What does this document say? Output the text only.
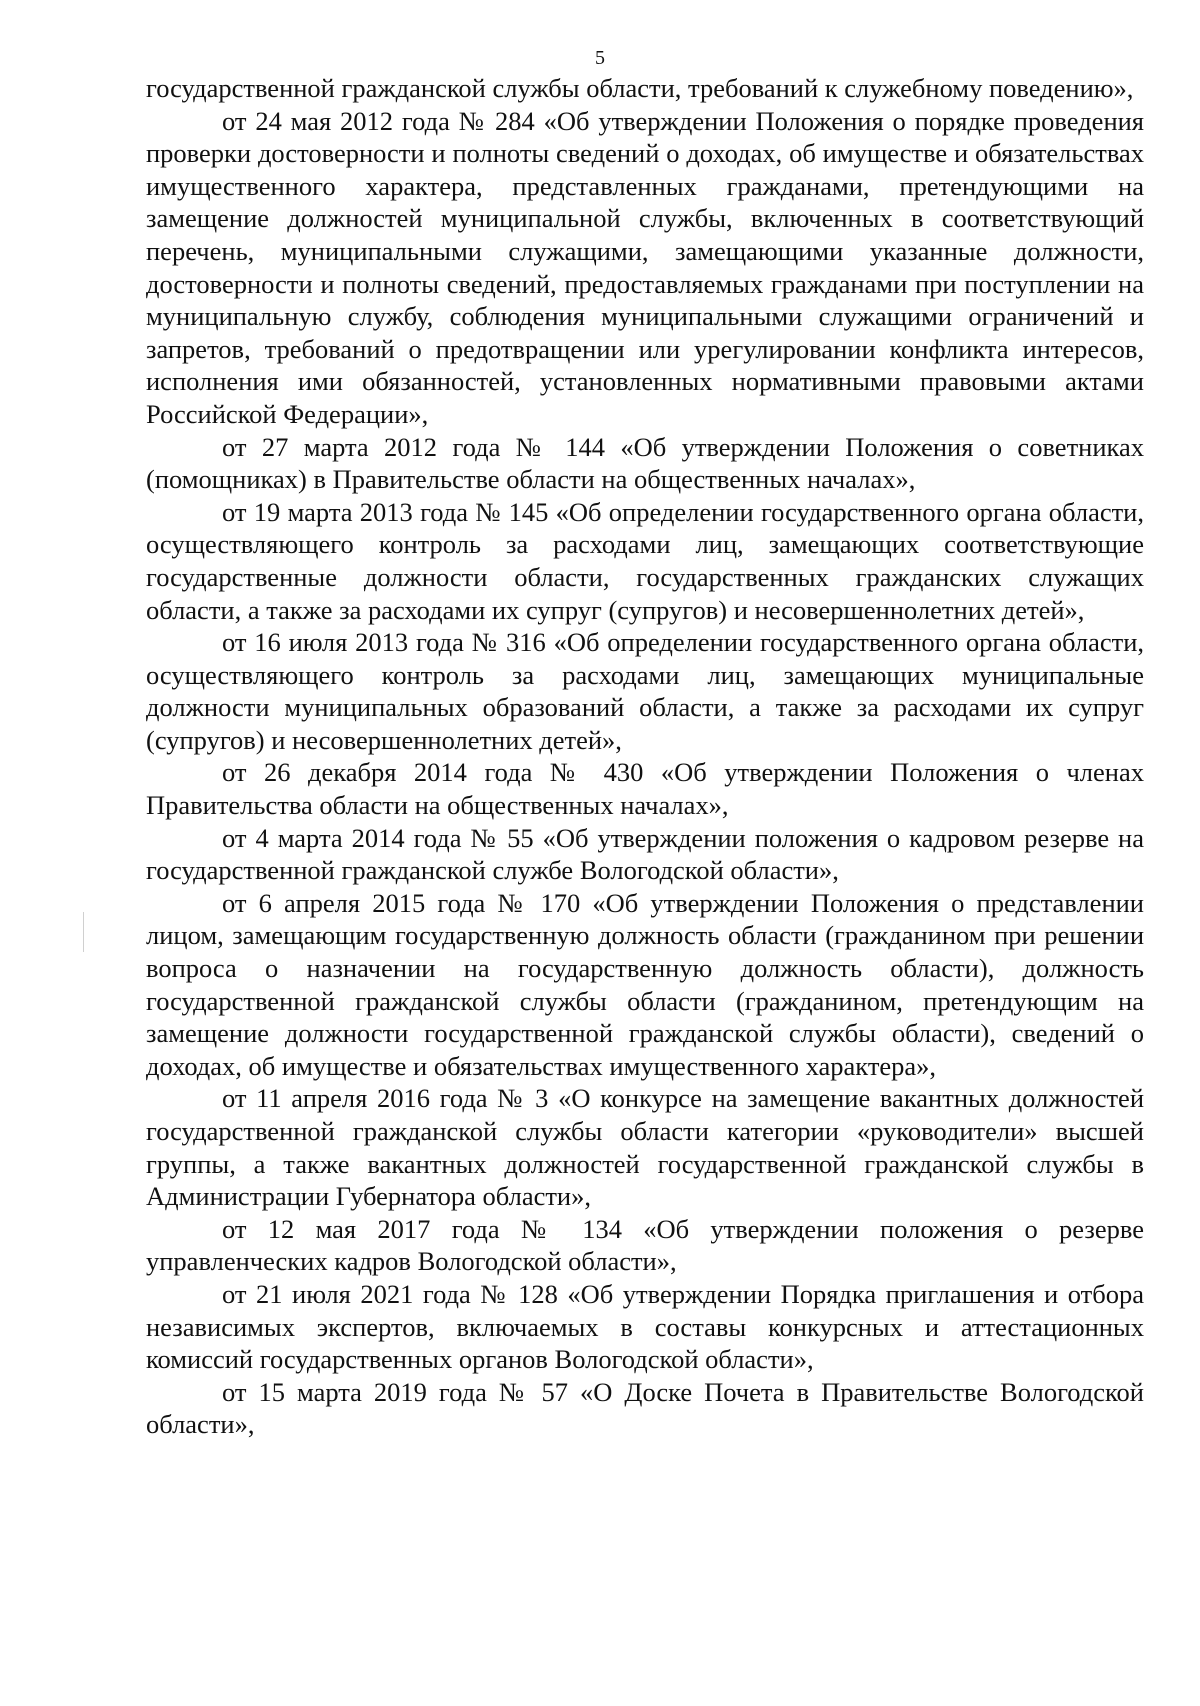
5

государственной гражданской службы области, требований к служебному поведению»,

от 24 мая 2012 года № 284 «Об утверждении Положения о порядке проведения проверки достоверности и полноты сведений о доходах, об имуществе и обязательствах имущественного характера, представленных гражданами, претендующими на замещение должностей муниципальной службы, включенных в соответствующий перечень, муниципальными служащими, замещающими указанные должности, достоверности и полноты сведений, предоставляемых гражданами при поступлении на муниципальную службу, соблюдения муниципальными служащими ограничений и запретов, требований о предотвращении или урегулировании конфликта интересов, исполнения ими обязанностей, установленных нормативными правовыми актами Российской Федерации»,

от 27 марта 2012 года № 144 «Об утверждении Положения о советниках (помощниках) в Правительстве области на общественных началах»,

от 19 марта 2013 года № 145 «Об определении государственного органа области, осуществляющего контроль за расходами лиц, замещающих соответствующие государственные должности области, государственных гражданских служащих области, а также за расходами их супруг (супругов) и несовершеннолетних детей»,

от 16 июля 2013 года № 316 «Об определении государственного органа области, осуществляющего контроль за расходами лиц, замещающих муниципальные должности муниципальных образований области, а также за расходами их супруг (супругов) и несовершеннолетних детей»,

от 26 декабря 2014 года № 430 «Об утверждении Положения о членах Правительства области на общественных началах»,

от 4 марта 2014 года № 55 «Об утверждении положения о кадровом резерве на государственной гражданской службе Вологодской области»,

от 6 апреля 2015 года № 170 «Об утверждении Положения о представлении лицом, замещающим государственную должность области (гражданином при решении вопроса о назначении на государственную должность области), должность государственной гражданской службы области (гражданином, претендующим на замещение должности государственной гражданской службы области), сведений о доходах, об имуществе и обязательствах имущественного характера»,

от 11 апреля 2016 года № 3 «О конкурсе на замещение вакантных должностей государственной гражданской службы области категории «руководители» высшей группы, а также вакантных должностей государственной гражданской службы в Администрации Губернатора области»,

от 12 мая 2017 года № 134 «Об утверждении положения о резерве управленческих кадров Вологодской области»,

от 21 июля 2021 года № 128 «Об утверждении Порядка приглашения и отбора независимых экспертов, включаемых в составы конкурсных и аттестационных комиссий государственных органов Вологодской области»,

от 15 марта 2019 года № 57 «О Доске Почета в Правительстве Вологодской области»,
